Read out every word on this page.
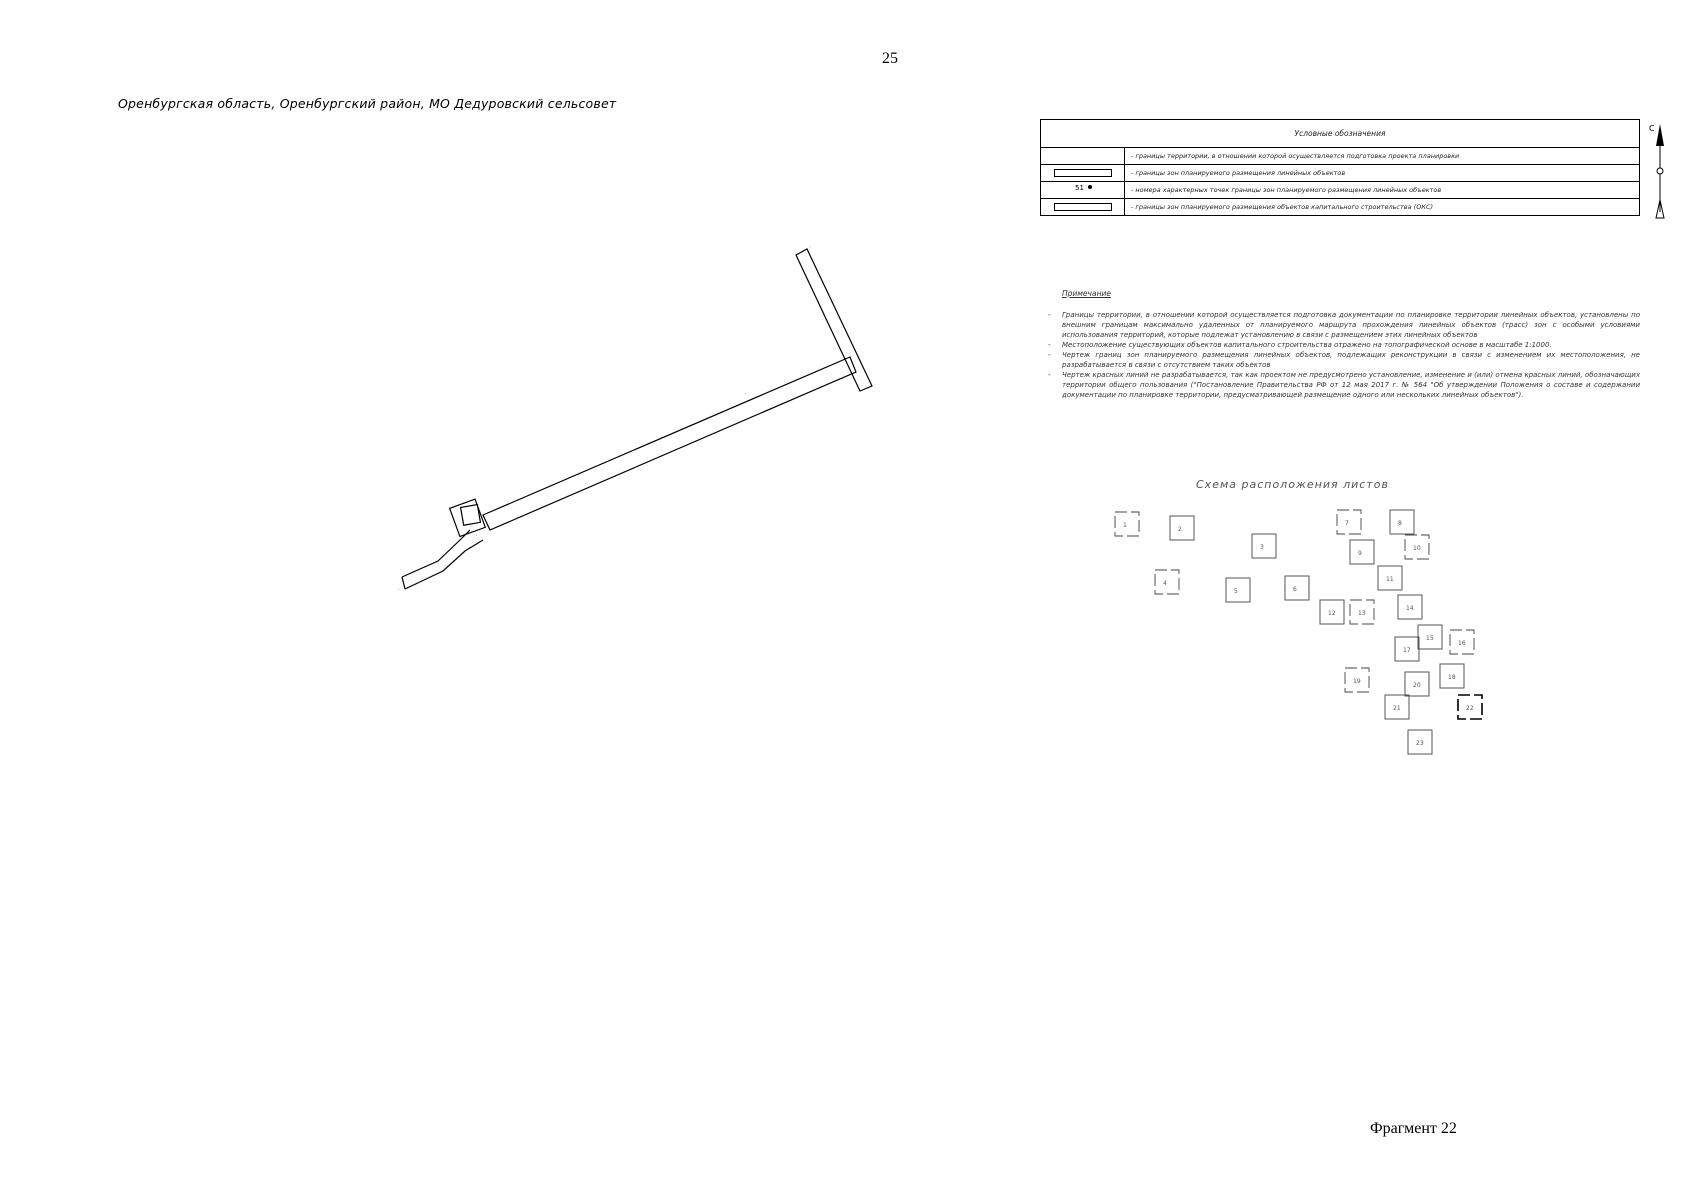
25
Оренбургская область, Оренбургский район, МО Дедуровский сельсовет
·
·
·
·
·
·
Условные обозначения
- границы территории, в отношении которой осуществляется подготовка проекта планировки
- границы зон планируемого размещения линейных объектов
51	- номера характерных точек границы зон планируемого размещения линейных объектов
- границы зон планируемого размещения объектов капитального строительства (ОКС)
С
Примечание
- Границы территории, в отношении которой осуществляется подготовка документации по планировке территории линейных объектов, установлены по внешним границам максимально удаленных от планируемого маршрута прохождения линейных объектов (трасс) зон с особыми условиями использования территорий, которые подлежат установлению в связи с размещением этих линейных объектов
- Местоположение существующих объектов капитального строительства отражено на топографической основе в масштабе 1:1000.
- Чертеж границ зон планируемого размещения линейных объектов, подлежащих реконструкции в связи с изменением их местоположения, не разрабатывается в связи с отсутствием таких объектов
- Чертеж красных линий не разрабатывается, так как проектом не предусмотрено установление, изменение и (или) отмена красных линий, обозначающих территории общего пользования ("Постановление Правительства РФ от 12 мая 2017 г. № 564 "Об утверждении Положения о составе и содержании документации по планировке территории, предусматривающей размещение одного или нескольких линейных объектов").
Схема расположения листов
1
2
3
4
5	6
7	8
9
10
11
12	13
14
15
16
17
18
19
20
21	22
23
Фрагмент 22
